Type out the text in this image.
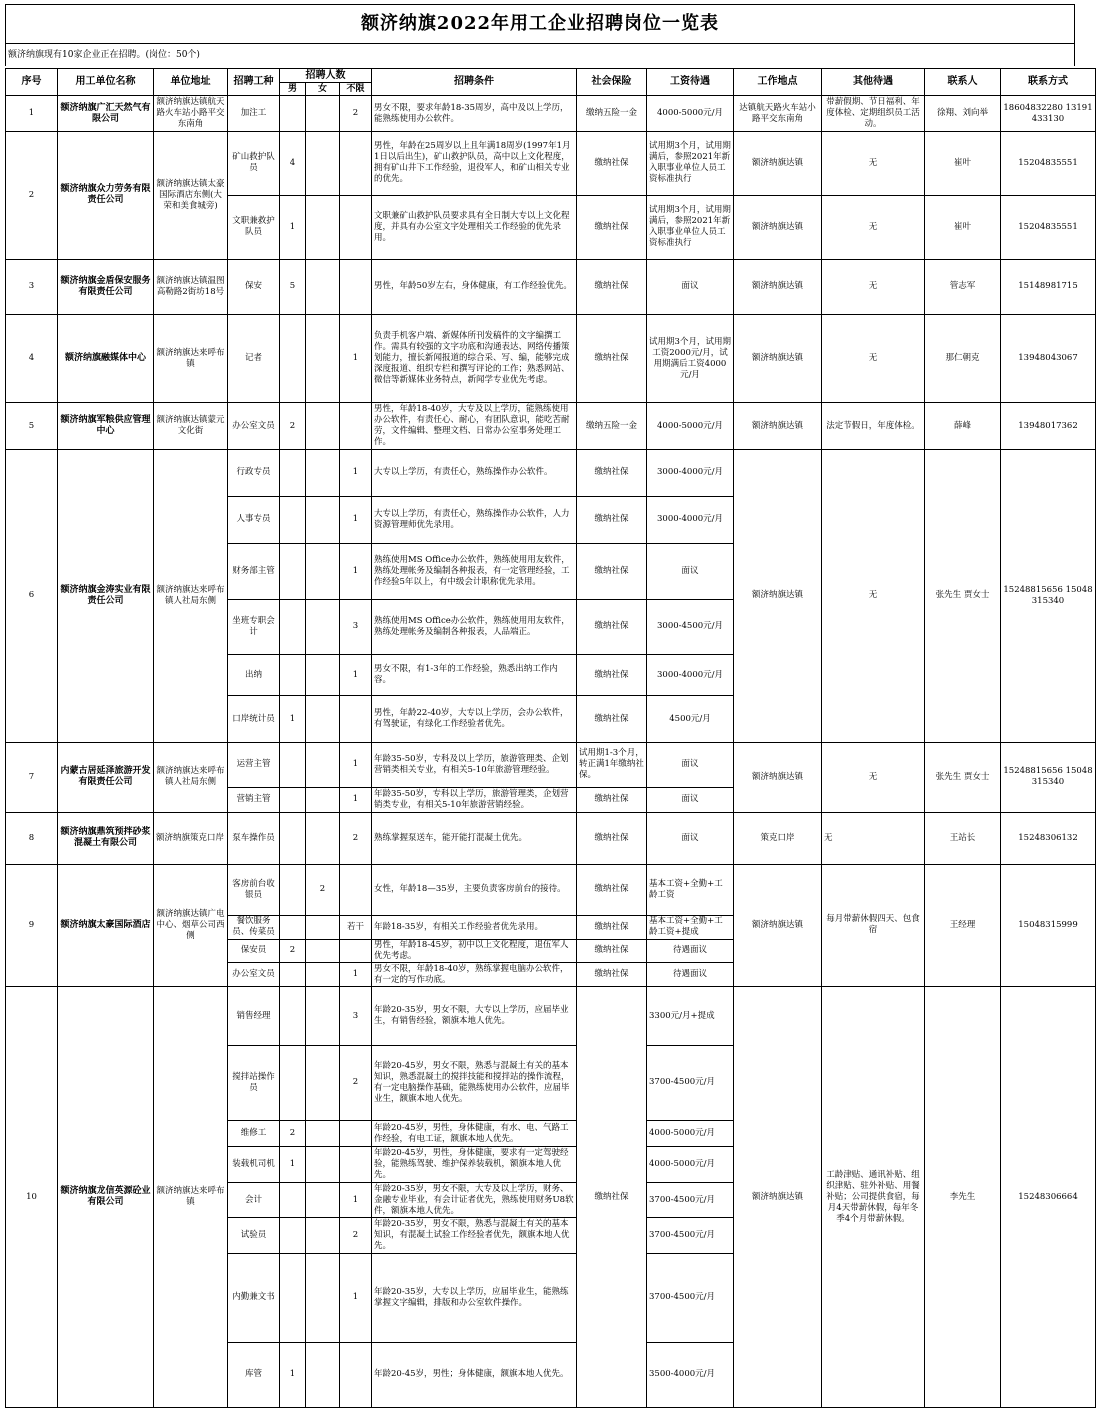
额济纳旗2022年用工企业招聘岗位一览表
额济纳旗现有10家企业正在招聘。(岗位：50个)
序号	用工单位名称	单位地址	招聘工种	招聘人数			招聘条件	社会保险	工资待遇	工作地点	其他待遇	联系人	联系方式
				男	女	不限							
1	额济纳旗广汇天然气有限公司	额济纳旗达镇航天路火车站小路平交东南角	加注工			2	男女不限，要求年龄18-35周岁，高中及以上学历，能熟练使用办公软件。	缴纳五险一金	4000-5000元/月	达镇航天路火车站小路平交东南角	带薪假期、节日福利、年度体检、定期组织员工活动。	徐翔、刘向举	18604832280 13191433130
2	额济纳旗众力劳务有限责任公司	额济纳旗达镇太豪国际酒店东侧(大荣和美食城旁)	矿山救护队员	4			男性，年龄在25周岁以上且年满18周岁(1997年1月1日以后出生)，矿山救护队员，高中以上文化程度，拥有矿山井下工作经验，退役军人，和矿山相关专业的优先。	缴纳社保	试用期3个月，试用期满后，参照2021年新入职事业单位人员工资标准执行	额济纳旗达镇	无	崔叶	15204835551
			文职兼救护队员	1			文职兼矿山救护队员要求具有全日制大专以上文化程度，并具有办公室文字处理相关工作经验的优先录用。	缴纳社保	试用期3个月，试用期满后，参照2021年新入职事业单位人员工资标准执行	额济纳旗达镇	无	崔叶	15204835551
3	额济纳旗金盾保安服务有限责任公司	额济纳旗达镇温图高勒路2街坊18号	保安	5			男性，年龄50岁左右，身体健康，有工作经验优先。	缴纳社保	面议	额济纳旗达镇	无	管志军	15148981715
4	额济纳旗融媒体中心	额济纳旗达来呼布镇	记者			1	负责手机客户端、新媒体所刊发稿件的文字编撰工作。需具有较强的文字功底和沟通表达、网络传播策划能力，擅长新闻报道的综合采、写、编，能够完成深度报道、组织专栏和撰写评论的工作；熟悉网站、微信等新媒体业务特点，新闻学专业优先考虑。	缴纳社保	试用期3个月，试用期工资2000元/月，试用期满后工资4000元/月	额济纳旗达镇	无	那仁朝克	13948043067
5	额济纳旗军粮供应管理中心	额济纳旗达镇蒙元文化街	办公室文员	2			男性，年龄18-40岁，大专及以上学历，能熟练使用办公软件，有责任心、耐心，有团队意识，能吃苦耐劳，文件编辑、整理文档、日常办公室事务处理工作。	缴纳五险一金	4000-5000元/月	额济纳旗达镇	法定节假日，年度体检。	薛峰	13948017362
6	额济纳旗金涛实业有限责任公司	额济纳旗达来呼布镇人社局东侧	行政专员			1	大专以上学历，有责任心，熟练操作办公软件。	缴纳社保	3000-4000元/月	额济纳旗达镇	无	张先生 贾女士	15248815656 15048315340
			人事专员			1	大专以上学历，有责任心，熟练操作办公软件，人力资源管理师优先录用。	缴纳社保	3000-4000元/月				
			财务部主管			1	熟练使用MS Office办公软件，熟练使用用友软件，熟练处理帐务及编制各种报表，有一定管理经验，工作经验5年以上，有中级会计职称优先录用。	缴纳社保	面议				
			坐班专职会计			3	熟练使用MS Office办公软件，熟练使用用友软件，熟练处理帐务及编制各种报表，人品端正。	缴纳社保	3000-4500元/月				
			出纳			1	男女不限，有1-3年的工作经验，熟悉出纳工作内容。	缴纳社保	3000-4000元/月				
			口岸统计员	1			男性，年龄22-40岁，大专以上学历，会办公软件，有驾驶证，有绿化工作经验者优先。	缴纳社保	4500元/月				
7	内蒙古居延泽旅游开发有限责任公司	额济纳旗达来呼布镇人社局东侧	运营主管			1	年龄35-50岁，专科及以上学历，旅游管理类、企划营销类相关专业，有相关5-10年旅游管理经验。	试用期1-3个月，转正满1年缴纳社保。	面议	额济纳旗达镇	无	张先生 贾女士	15248815656 15048315340
			营销主管			1	年龄35-50岁，专科以上学历，旅游管理类，企划营销类专业，有相关5-10年旅游营销经验。	缴纳社保	面议				
8	额济纳旗鼎筑预拌砂浆混凝土有限公司	额济纳旗策克口岸	泵车操作员			2	熟练掌握泵送车，能开能打混凝土优先。	缴纳社保	面议	策克口岸	无	王站长	15248306132
9	额济纳旗太豪国际酒店	额济纳旗达镇广电中心、烟草公司西侧	客房前台收银员		2		女性，年龄18—35岁，主要负责客房前台的接待。	缴纳社保	基本工资+全勤+工龄工资	额济纳旗达镇	每月带薪休假四天、包食宿	王经理	15048315999
			餐饮服务员、传菜员			若干	年龄18-35岁，有相关工作经验者优先录用。	缴纳社保	基本工资+全勤+工龄工资+提成				
			保安员	2			男性，年龄18-45岁，初中以上文化程度，退伍军人优先考虑。	缴纳社保	待遇面议				
			办公室文员			1	男女不限，年龄18-40岁，熟练掌握电脑办公软件，有一定的写作功底。	缴纳社保	待遇面议				
10	额济纳旗龙信英源砼业有限公司	额济纳旗达来呼布镇	销售经理			3	年龄20-35岁，男女不限，大专以上学历，应届毕业生，有销售经验，额旗本地人优先。	缴纳社保	3300元/月+提成	额济纳旗达镇	工龄津贴、通讯补贴、组织津贴、驻外补贴、用餐补贴；公司提供食宿，每月4天带薪休假，每年冬季4个月带薪休假。	李先生	15248306664
			搅拌站操作员			2	年龄20-45岁，男女不限，熟悉与混凝土有关的基本知识，熟悉混凝土的搅拌技能和搅拌站的操作流程，有一定电脑操作基础，能熟练使用办公软件，应届毕业生，额旗本地人优先。		3700-4500元/月				
			维修工	2			年龄20-45岁，男性，身体健康，有水、电、气路工作经验，有电工证，额旗本地人优先。		4000-5000元/月				
			装载机司机	1			年龄20-45岁，男性，身体健康，要求有一定驾驶经验，能熟练驾驶、维护保养装载机，额旗本地人优先。		4000-5000元/月				
			会计			1	年龄20-35岁，男女不限，大专及以上学历，财务、金融专业毕业，有会计证者优先，熟练使用财务U8软件，额旗本地人优先。		3700-4500元/月				
			试验员			2	年龄20-35岁，男女不限，熟悉与混凝土有关的基本知识，有混凝土试验工作经验者优先，额旗本地人优先。		3700-4500元/月				
			内勤兼文书			1	年龄20-35岁，大专以上学历，应届毕业生，能熟练掌握文字编辑，排版和办公室软件操作。		3700-4500元/月				
			库管	1			年龄20-45岁，男性；身体健康，额旗本地人优先。		3500-4000元/月				
